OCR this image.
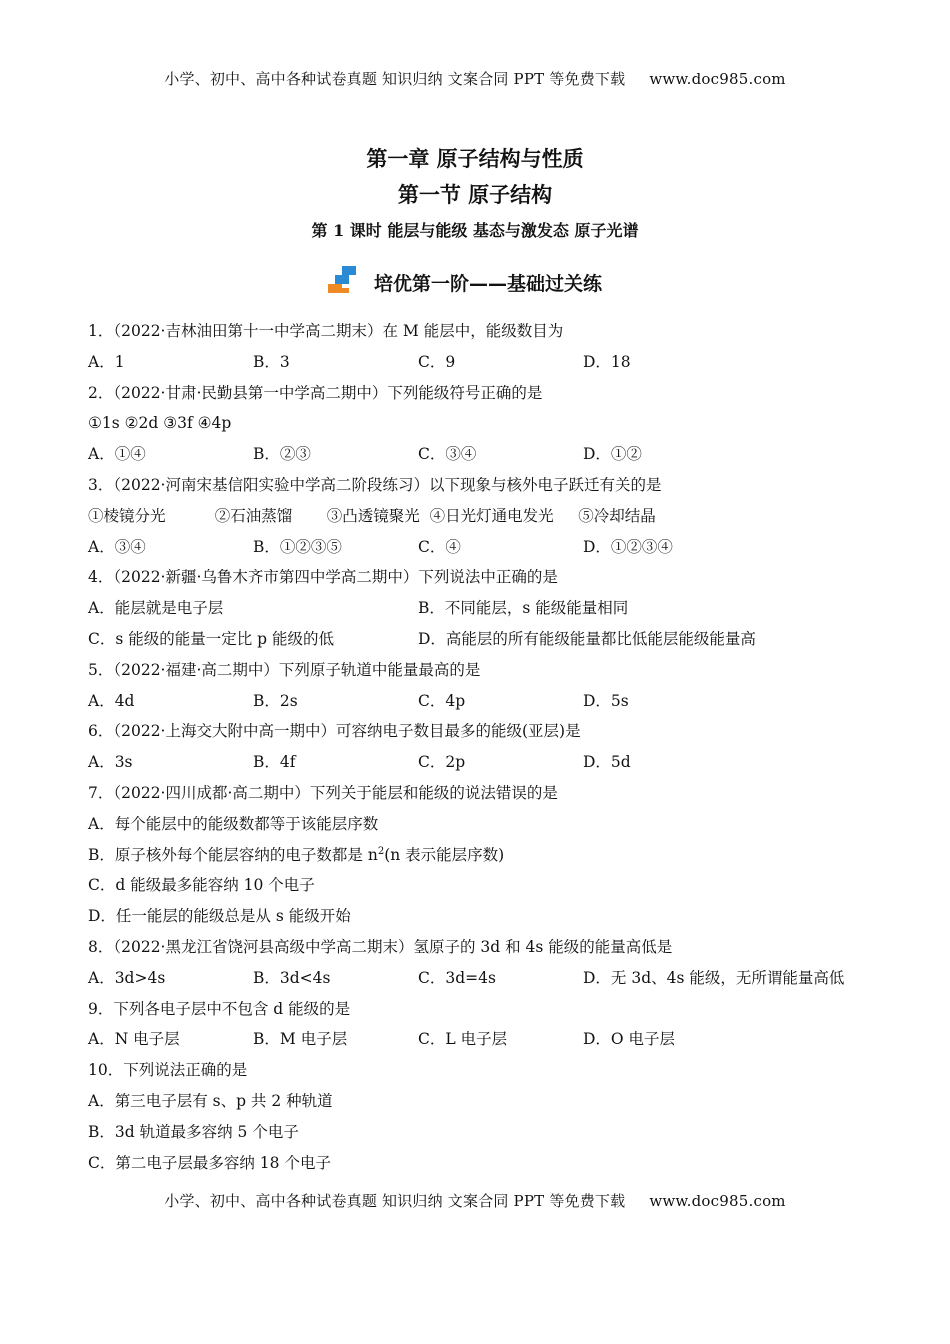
小学、初中、高中各种试卷真题 知识归纳 文案合同 PPT 等免费下载 www.doc985.com

第一章 原子结构与性质

第一节 原子结构

第 1 课时 能层与能级 基态与激发态 原子光谱

培优第一阶——基础过关练
1．（2022·吉林油田第十一中学高二期末）在 M 能层中，能级数目为
A．1	B．3	C．9	D．18
2．（2022·甘肃·民勤县第一中学高二期中）下列能级符号正确的是
①1s ②2d ③3f ④4p
A．①④	B．②③	C．③④	D．①②
3．（2022·河南宋基信阳实验中学高二阶段练习）以下现象与核外电子跃迁有关的是
①棱镜分光          ②石油蒸馏       ③凸透镜聚光  ④日光灯通电发光     ⑤冷却结晶
A．③④	B．①②③⑤	C．④	D．①②③④
4．（2022·新疆·乌鲁木齐市第四中学高二期中）下列说法中正确的是
A．能层就是电子层	B．不同能层，s 能级能量相同
C．s 能级的能量一定比 p 能级的低	D．高能层的所有能级能量都比低能层能级能量高
5．（2022·福建·高二期中）下列原子轨道中能量最高的是
A．4d	B．2s	C．4p	D．5s
6．（2022·上海交大附中高一期中）可容纳电子数目最多的能级(亚层)是
A．3s	B．4f	C．2p	D．5d
7．（2022·四川成都·高二期中）下列关于能层和能级的说法错误的是
A．每个能层中的能级数都等于该能层序数
B．原子核外每个能层容纳的电子数都是 $n^2(n$ 表示能层序数)
C．d 能级最多能容纳 10 个电子
D．任一能层的能级总是从 s 能级开始
8．（2022·黑龙江省饶河县高级中学高二期末）氢原子的 3d 和 4s 能级的能量高低是
A．3d>4s	B．3d<4s	C．3d=4s	D．无 3d、4s 能级，无所谓能量高低
9．下列各电子层中不包含 d 能级的是
A．N 电子层	B．M 电子层	C．L 电子层	D．O 电子层
10．下列说法正确的是
A．第三电子层有 s、p 共 2 种轨道
B．3d 轨道最多容纳 5 个电子
C．第二电子层最多容纳 18 个电子
小学、初中、高中各种试卷真题 知识归纳 文案合同 PPT 等免费下载 www.doc985.com
